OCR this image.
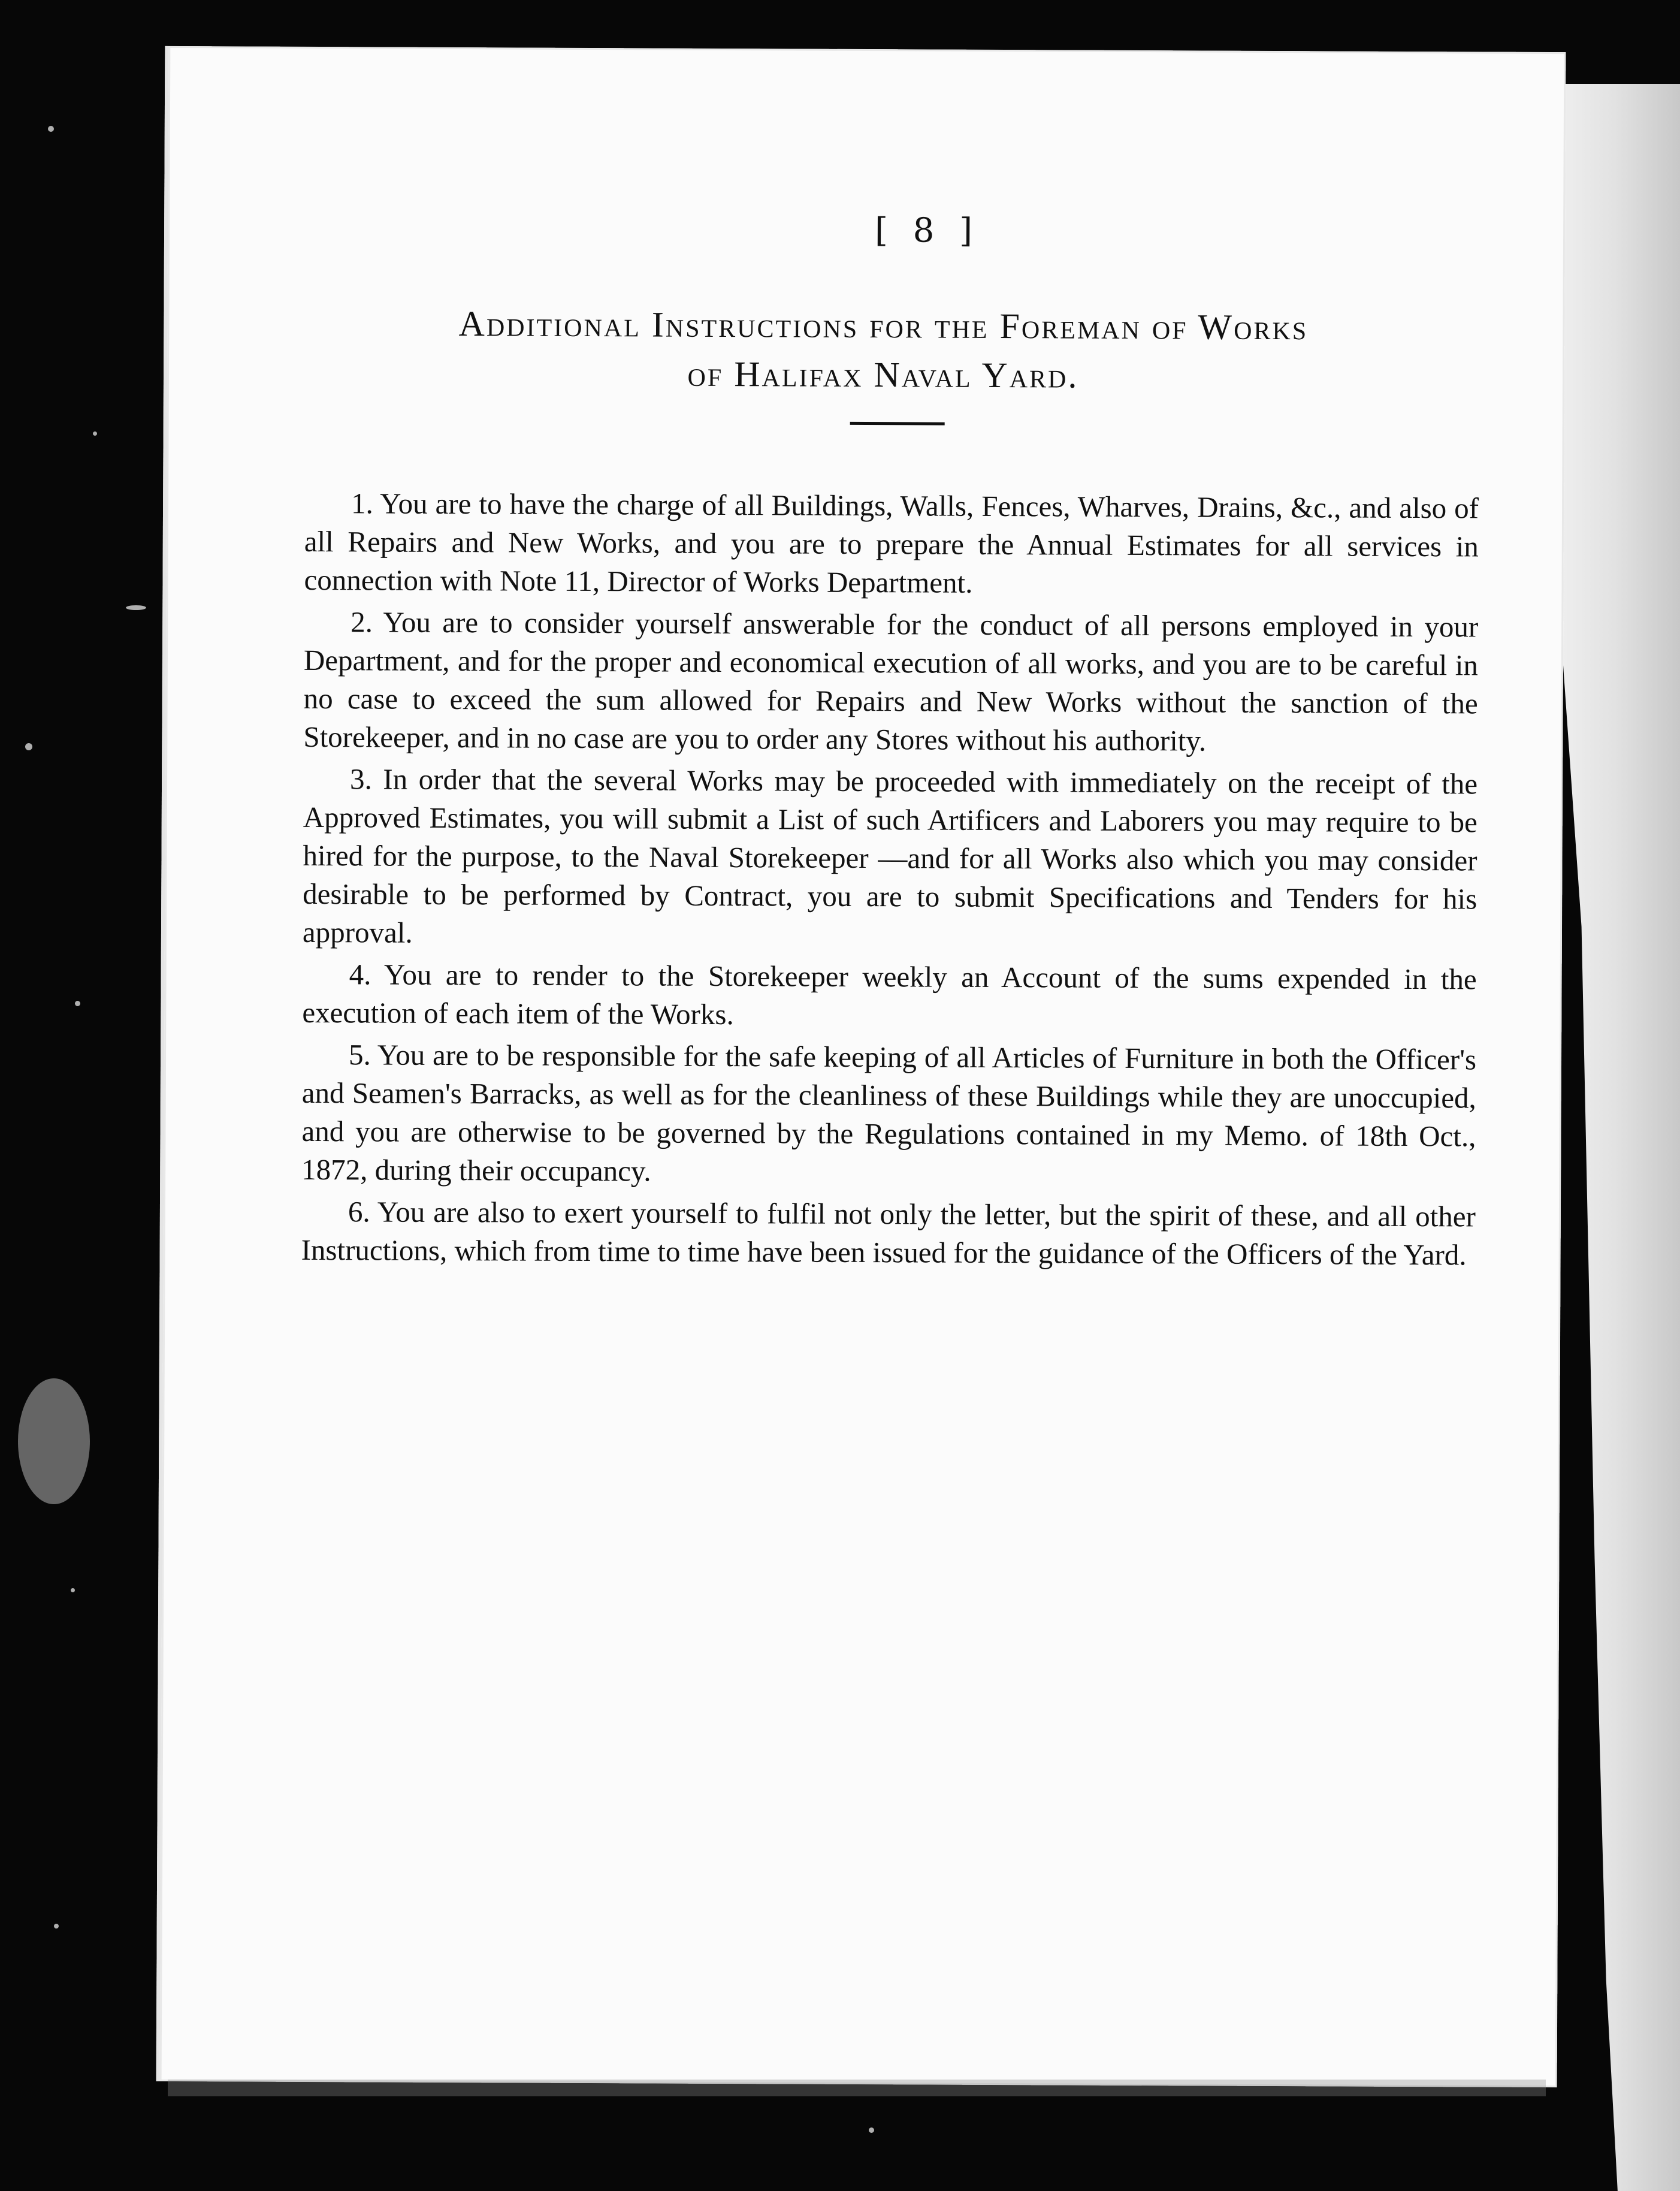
[ 8 ]
Additional Instructions for the Foreman of Works
of Halifax Naval Yard.

1. You are to have the charge of all Buildings, Walls, Fences, Wharves, Drains, &c., and also of all Repairs and New Works, and you are to prepare the Annual Estimates for all services in connection with Note 11, Director of Works Department.

2. You are to consider yourself answerable for the conduct of all persons employed in your Department, and for the proper and economical execution of all works, and you are to be careful in no case to exceed the sum allowed for Repairs and New Works without the sanction of the Storekeeper, and in no case are you to order any Stores without his authority.

3. In order that the several Works may be proceeded with immediately on the receipt of the Approved Estimates, you will submit a List of such Artificers and Laborers you may require to be hired for the purpose, to the Naval Storekeeper —and for all Works also which you may consider desirable to be performed by Contract, you are to submit Specifications and Tenders for his approval.

4. You are to render to the Storekeeper weekly an Account of the sums expended in the execution of each item of the Works.

5. You are to be responsible for the safe keeping of all Articles of Furniture in both the Officer's and Seamen's Barracks, as well as for the cleanliness of these Buildings while they are unoccupied, and you are otherwise to be governed by the Regulations contained in my Memo. of 18th Oct., 1872, during their occupancy.

6. You are also to exert yourself to fulfil not only the letter, but the spirit of these, and all other Instructions, which from time to time have been issued for the guidance of the Officers of the Yard.
